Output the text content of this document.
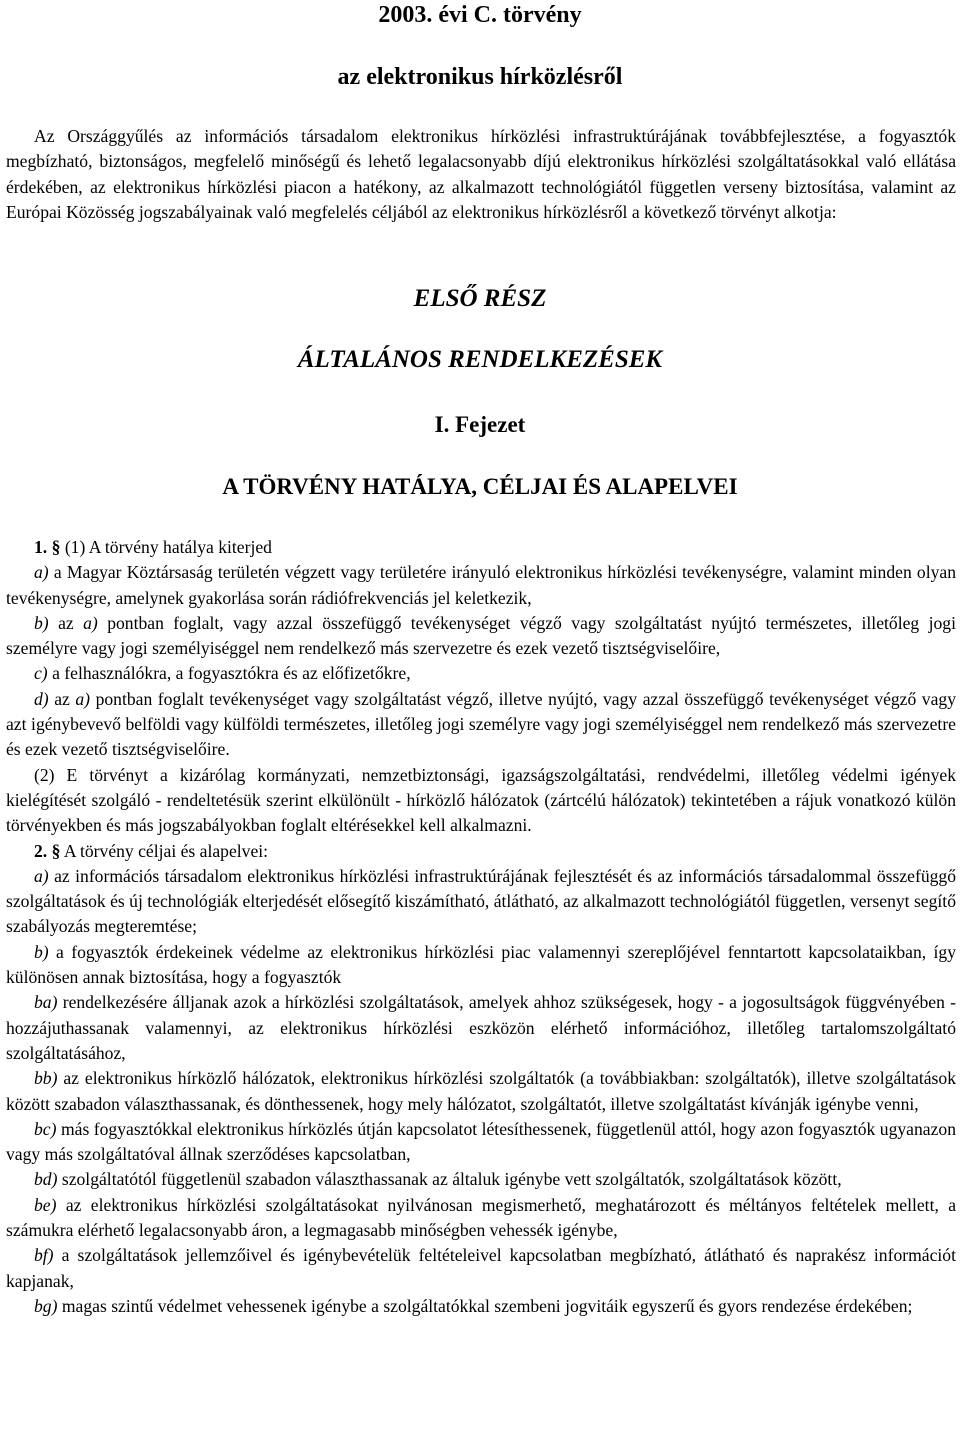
2003. évi C. törvény
az elektronikus hírközlésről

Az Országgyűlés az információs társadalom elektronikus hírközlési infrastruktúrájának továbbfejlesztése, a fogyasztók megbízható, biztonságos, megfelelő minőségű és lehető legalacsonyabb díjú elektronikus hírközlési szolgáltatásokkal való ellátása érdekében, az elektronikus hírközlési piacon a hatékony, az alkalmazott technológiától független verseny biztosítása, valamint az Európai Közösség jogszabályainak való megfelelés céljából az elektronikus hírközlésről a következő törvényt alkotja:

ELSŐ RÉSZ
ÁLTALÁNOS RENDELKEZÉSEK
I. Fejezet
A TÖRVÉNY HATÁLYA, CÉLJAI ÉS ALAPELVEI

1. § (1) A törvény hatálya kiterjed

a) a Magyar Köztársaság területén végzett vagy területére irányuló elektronikus hírközlési tevékenységre, valamint minden olyan tevékenységre, amelynek gyakorlása során rádiófrekvenciás jel keletkezik,

b) az a) pontban foglalt, vagy azzal összefüggő tevékenységet végző vagy szolgáltatást nyújtó természetes, illetőleg jogi személyre vagy jogi személyiséggel nem rendelkező más szervezetre és ezek vezető tisztségviselőire,

c) a felhasználókra, a fogyasztókra és az előfizetőkre,

d) az a) pontban foglalt tevékenységet vagy szolgáltatást végző, illetve nyújtó, vagy azzal összefüggő tevékenységet végző vagy azt igénybevevő belföldi vagy külföldi természetes, illetőleg jogi személyre vagy jogi személyiséggel nem rendelkező más szervezetre és ezek vezető tisztségviselőire.

(2) E törvényt a kizárólag kormányzati, nemzetbiztonsági, igazságszolgáltatási, rendvédelmi, illetőleg védelmi igények kielégítését szolgáló - rendeltetésük szerint elkülönült - hírközlő hálózatok (zártcélú hálózatok) tekintetében a rájuk vonatkozó külön törvényekben és más jogszabályokban foglalt eltérésekkel kell alkalmazni.

2. § A törvény céljai és alapelvei:

a) az információs társadalom elektronikus hírközlési infrastruktúrájának fejlesztését és az információs társadalommal összefüggő szolgáltatások és új technológiák elterjedését elősegítő kiszámítható, átlátható, az alkalmazott technológiától független, versenyt segítő szabályozás megteremtése;

b) a fogyasztók érdekeinek védelme az elektronikus hírközlési piac valamennyi szereplőjével fenntartott kapcsolataikban, így különösen annak biztosítása, hogy a fogyasztók

ba) rendelkezésére álljanak azok a hírközlési szolgáltatások, amelyek ahhoz szükségesek, hogy - a jogosultságok függvényében - hozzájuthassanak valamennyi, az elektronikus hírközlési eszközön elérhető információhoz, illetőleg tartalomszolgáltató szolgáltatásához,

bb) az elektronikus hírközlő hálózatok, elektronikus hírközlési szolgáltatók (a továbbiakban: szolgáltatók), illetve szolgáltatások között szabadon választhassanak, és dönthessenek, hogy mely hálózatot, szolgáltatót, illetve szolgáltatást kívánják igénybe venni,

bc) más fogyasztókkal elektronikus hírközlés útján kapcsolatot létesíthessenek, függetlenül attól, hogy azon fogyasztók ugyanazon vagy más szolgáltatóval állnak szerződéses kapcsolatban,

bd) szolgáltatótól függetlenül szabadon választhassanak az általuk igénybe vett szolgáltatók, szolgáltatások között,

be) az elektronikus hírközlési szolgáltatásokat nyilvánosan megismerhető, meghatározott és méltányos feltételek mellett, a számukra elérhető legalacsonyabb áron, a legmagasabb minőségben vehessék igénybe,

bf) a szolgáltatások jellemzőivel és igénybevételük feltételeivel kapcsolatban megbízható, átlátható és naprakész információt kapjanak,

bg) magas szintű védelmet vehessenek igénybe a szolgáltatókkal szembeni jogvitáik egyszerű és gyors rendezése érdekében;
